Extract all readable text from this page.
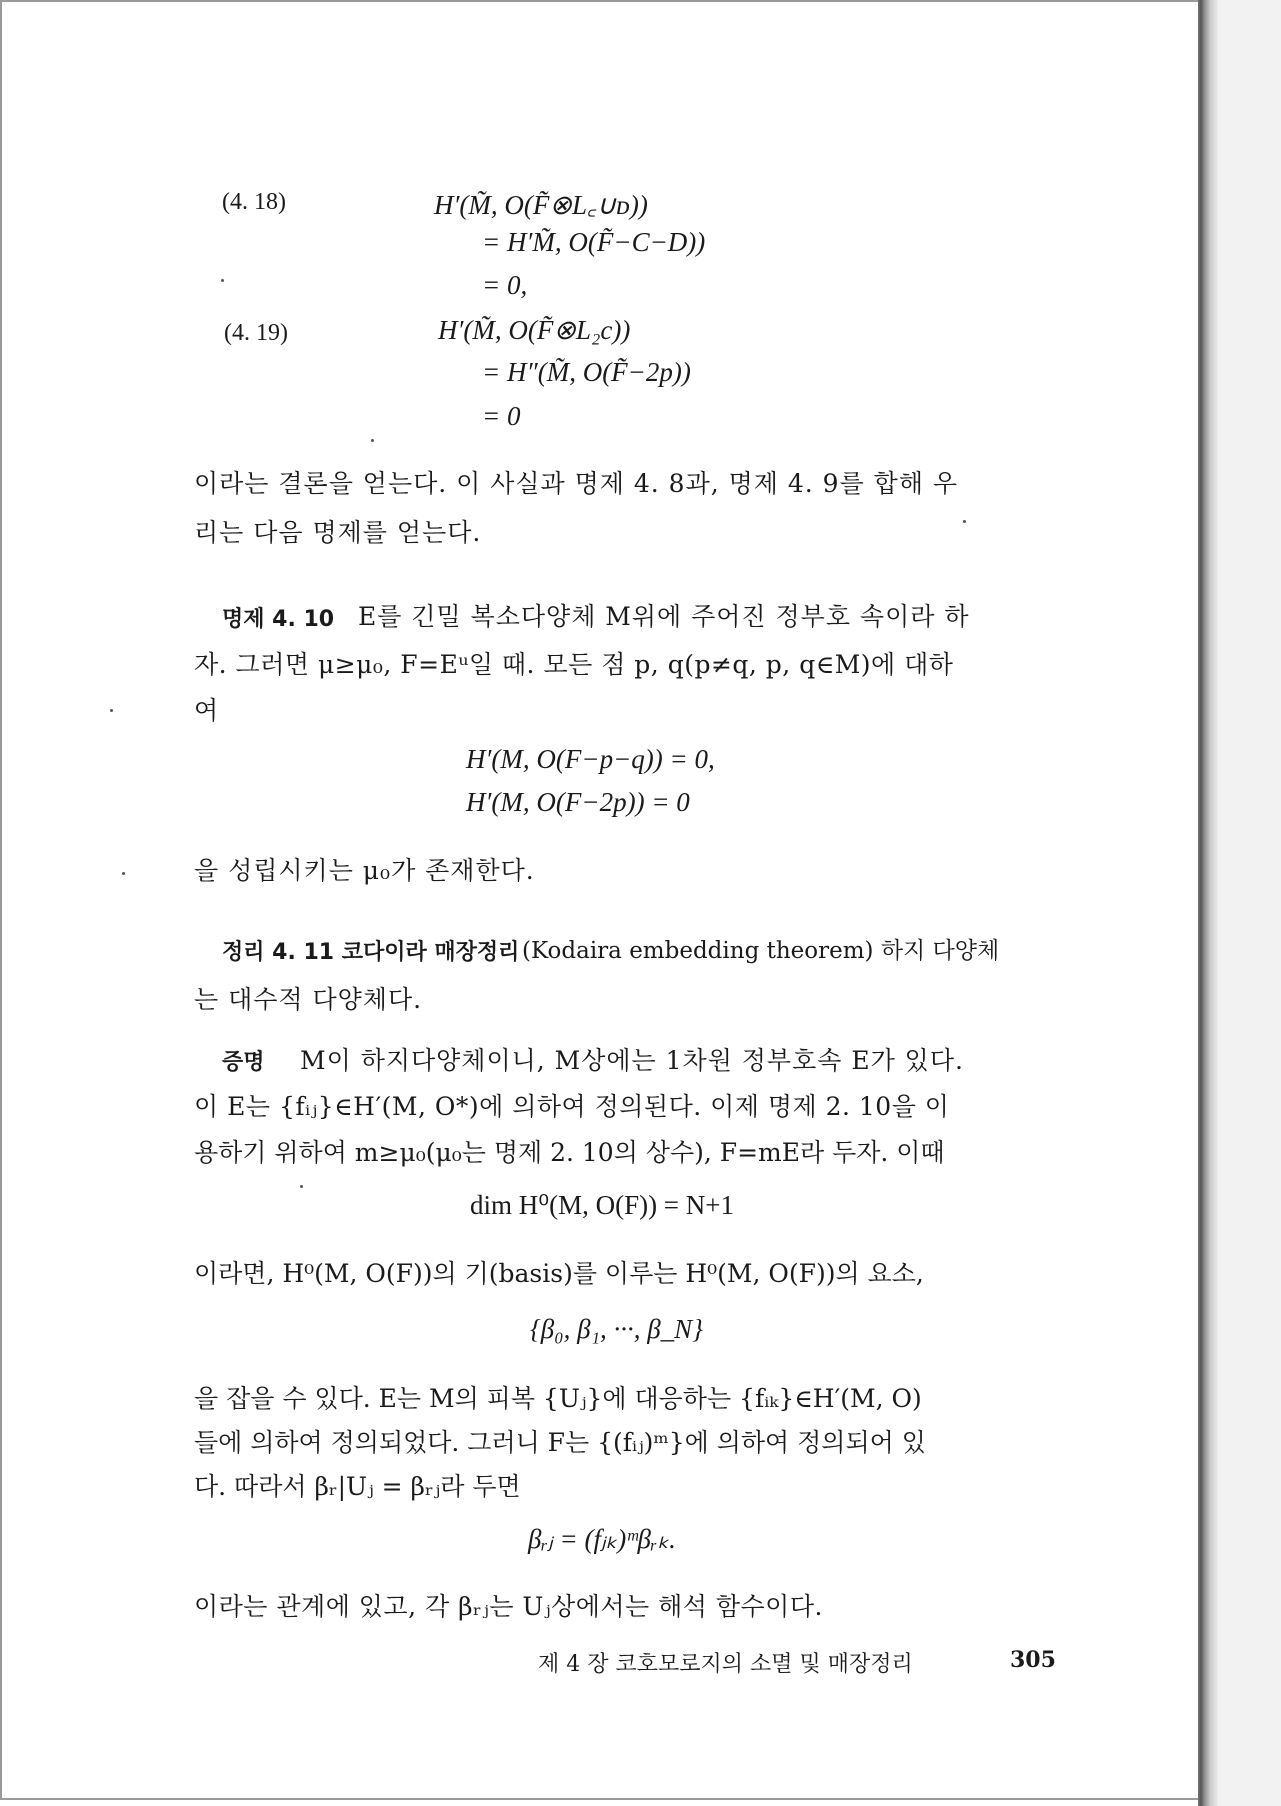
(4. 18)	H′(M̃, O(F̃⊗L꜀∪ᴅ))
= H′M̃, O(F̃−C−D))
= 0,
(4. 19)	H′(M̃, O(F̃⊗L₂c))
= H″(M̃, O(F̃−2p))
= 0
이라는 결론을 얻는다. 이 사실과 명제 4. 8과, 명제 4. 9를 합해 우
리는 다음 명제를 얻는다.
명제 4. 10 E를 긴밀 복소다양체 M위에 주어진 정부호 속이라 하
자. 그러면 μ≥μ₀, F=Eᵘ일 때. 모든 점 p, q(p≠q, p, q∈M)에 대하
여
H′(M, O(F−p−q)) = 0,
H′(M, O(F−2p)) = 0
을 성립시키는 μ₀가 존재한다.
정리 4. 11 코다이라 매장정리 (Kodaira embedding theorem) 하지 다양체
는 대수적 다양체다.
증명 M이 하지다양체이니, M상에는 1차원 정부호속 E가 있다.
이 E는 {fᵢⱼ}∈H′(M, O*)에 의하여 정의된다. 이제 명제 2. 10을 이
용하기 위하여 m≥μ₀(μ₀는 명제 2. 10의 상수), F=mE라 두자. 이때
dim H⁰(M, O(F)) = N+1
이라면, H⁰(M, O(F))의 기(basis)를 이루는 H⁰(M, O(F))의 요소,
{β₀, β₁, ···, β_N}
을 잡을 수 있다. E는 M의 피복 {Uⱼ}에 대응하는 {fᵢₖ}∈H′(M, O)
들에 의하여 정의되었다. 그러니 F는 {(fᵢⱼ)ᵐ}에 의하여 정의되어 있
다. 따라서 βᵣ|Uⱼ = βᵣⱼ라 두면
βᵣⱼ = (fⱼₖ)ᵐβᵣₖ.
이라는 관계에 있고, 각 βᵣⱼ는 Uⱼ상에서는 해석 함수이다.
제 4 장 코호모로지의 소멸 및 매장정리	305
